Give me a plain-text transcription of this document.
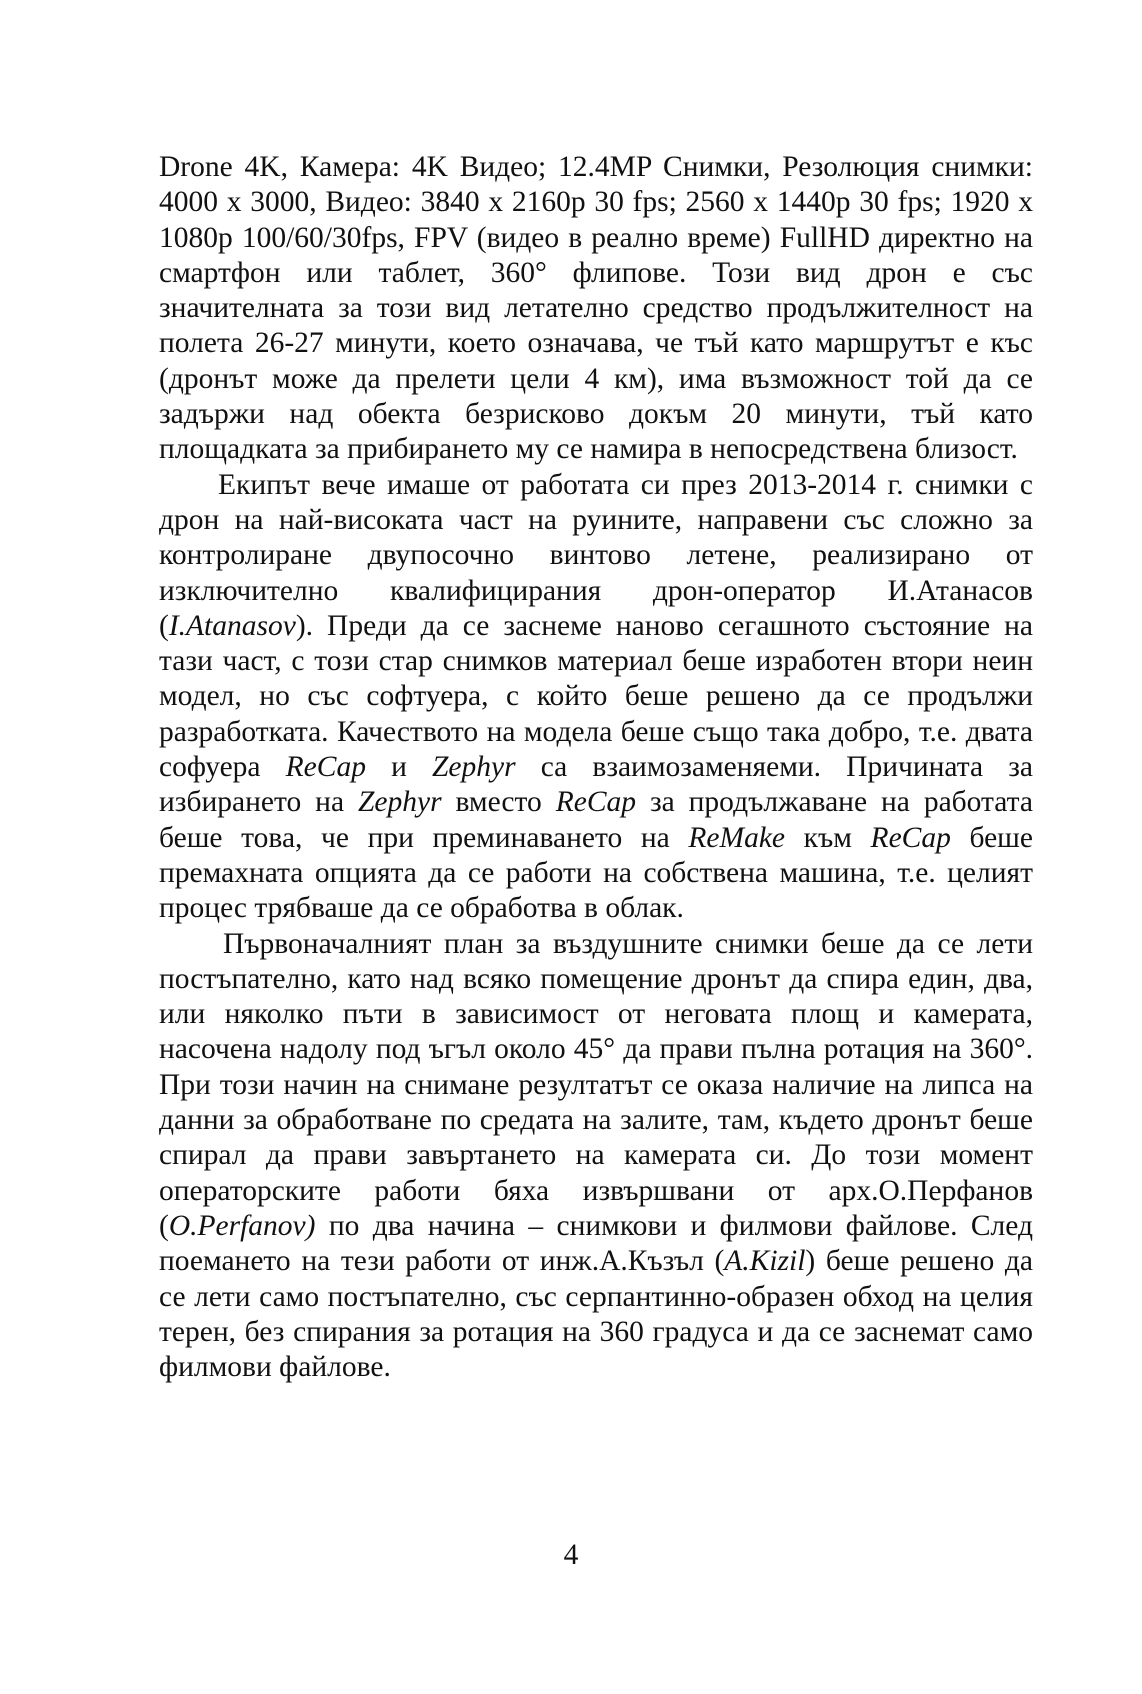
Drone 4K, Камера: 4K Видео; 12.4MP Снимки, Резолюция снимки: 4000 x 3000, Видео: 3840 x 2160p 30 fps; 2560 x 1440p 30 fps; 1920 x 1080p 100/60/30fps, FPV (видео в реално време) FullHD директно на смартфон или таблет, 360° флипове. Този вид дрон е със значителната за този вид летателно средство продължителност на полета 26-27 минути, което означава, че тъй като маршрутът е къс (дронът може да прелети цели 4 км), има възможност той да се задържи над обекта безрисково докъм 20 минути, тъй като площадката за прибирането му се намира в непосредствена близост.

Екипът вече имаше от работата си през 2013-2014 г. снимки с дрон на най-високата част на руините, направени със сложно за контролиране двупосочно винтово летене, реализирано от изключително квалифицирания дрон-оператор И.Атанасов (I.Atanasov). Преди да се заснеме наново сегашното състояние на тази част, с този стар снимков материал беше изработен втори неин модел, но със софтуера, с който беше решено да се продължи разработката. Качеството на модела беше също така добро, т.е. двата софуера ReCap и Zephyr са взаимозаменяеми. Причината за избирането на Zephyr вместо ReCap за продължаване на работата беше това, че при преминаването на ReMake към ReCap беше премахната опцията да се работи на собствена машина, т.е. целият процес трябваше да се обработва в облак.

Първоначалният план за въздушните снимки беше да се лети постъпателно, като над всяко помещение дронът да спира един, два, или няколко пъти в зависимост от неговата площ и камерата, насочена надолу под ъгъл около 45° да прави пълна ротация на 360°. При този начин на снимане резултатът се оказа наличие на липса на данни за обработване по средата на залите, там, където дронът беше спирал да прави завъртането на камерата си. До този момент операторските работи бяха извършвани от арх.О.Перфанов (O.Perfanov) по два начина – снимкови и филмови файлове. След поемането на тези работи от инж.А.Къзъл (A.Kizil) беше решено да се лети само постъпателно, със серпантинно-образен обход на целия терен, без спирания за ротация на 360 градуса и да се заснемат само филмови файлове.

4
